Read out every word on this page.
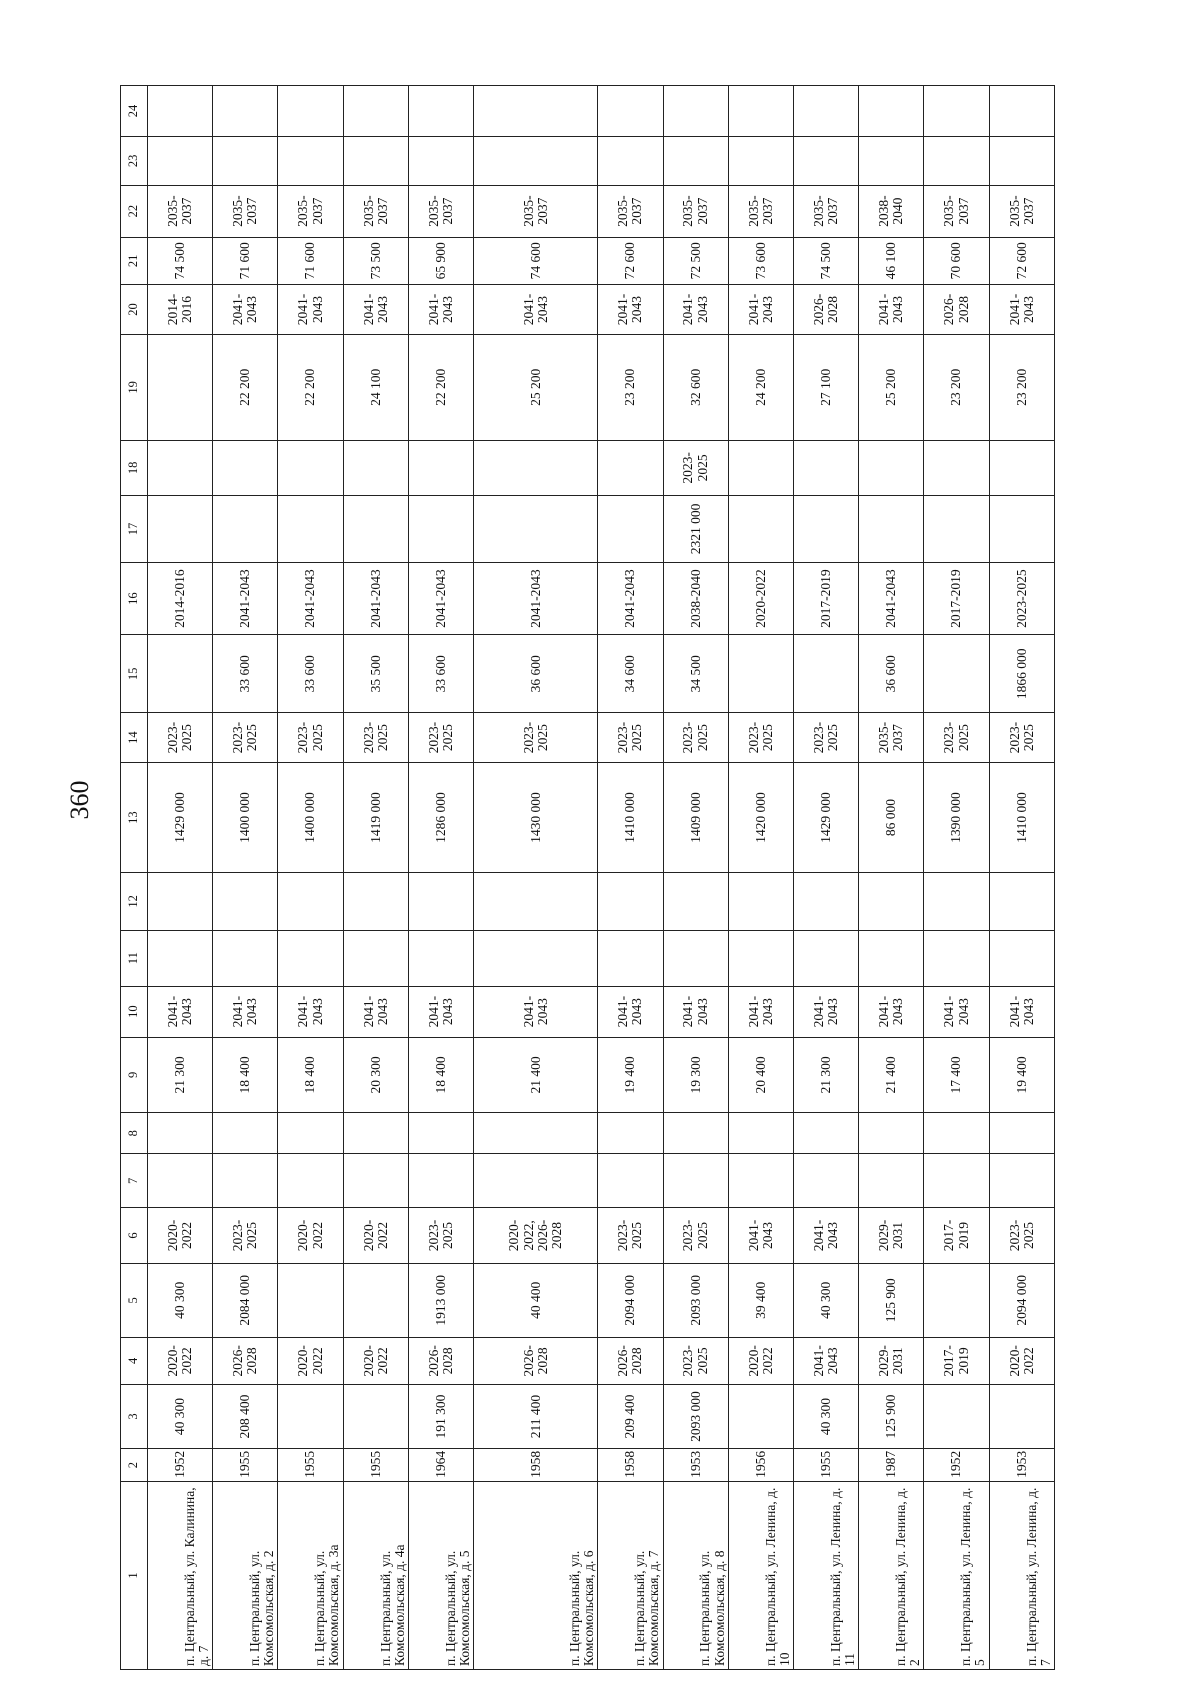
360
1	2	3	4	5	6	7	8	9	10	11	12	13	14	15	16	17	18	19	20	21	22	23	24
п. Центральный, ул. Калинина, д. 7	1952	40 300	2020-2022	40 300	2020-2022			21 300	2041-2043			1429 000	2023-2025		2014-2016				2014-2016	74 500	2035-2037		
п. Центральный, ул. Комсомольская, д. 2	1955	208 400	2026-2028	2084 000	2023-2025			18 400	2041-2043			1400 000	2023-2025	33 600	2041-2043			22 200	2041-2043	71 600	2035-2037		
п. Центральный, ул. Комсомольская, д. 3а	1955		2020-2022		2020-2022			18 400	2041-2043			1400 000	2023-2025	33 600	2041-2043			22 200	2041-2043	71 600	2035-2037		
п. Центральный, ул. Комсомольская, д. 4а	1955		2020-2022		2020-2022			20 300	2041-2043			1419 000	2023-2025	35 500	2041-2043			24 100	2041-2043	73 500	2035-2037		
п. Центральный, ул. Комсомольская, д. 5	1964	191 300	2026-2028	1913 000	2023-2025			18 400	2041-2043			1286 000	2023-2025	33 600	2041-2043			22 200	2041-2043	65 900	2035-2037		
п. Центральный, ул. Комсомольская, д. 6	1958	211 400	2026-2028	40 400	2020-2022, 2026-2028			21 400	2041-2043			1430 000	2023-2025	36 600	2041-2043			25 200	2041-2043	74 600	2035-2037		
п. Центральный, ул. Комсомольская, д. 7	1958	209 400	2026-2028	2094 000	2023-2025			19 400	2041-2043			1410 000	2023-2025	34 600	2041-2043			23 200	2041-2043	72 600	2035-2037		
п. Центральный, ул. Комсомольская, д. 8	1953	2093 000	2023-2025	2093 000	2023-2025			19 300	2041-2043			1409 000	2023-2025	34 500	2038-2040	2321 000	2023-2025	32 600	2041-2043	72 500	2035-2037		
п. Центральный, ул. Ленина, д. 10	1956		2020-2022	39 400	2041-2043			20 400	2041-2043			1420 000	2023-2025		2020-2022			24 200	2041-2043	73 600	2035-2037		
п. Центральный, ул. Ленина, д. 11	1955	40 300	2041-2043	40 300	2041-2043			21 300	2041-2043			1429 000	2023-2025		2017-2019			27 100	2026-2028	74 500	2035-2037		
п. Центральный, ул. Ленина, д. 2	1987	125 900	2029-2031	125 900	2029-2031			21 400	2041-2043			86 000	2035-2037	36 600	2041-2043			25 200	2041-2043	46 100	2038-2040		
п. Центральный, ул. Ленина, д. 5	1952		2017-2019		2017-2019			17 400	2041-2043			1390 000	2023-2025		2017-2019			23 200	2026-2028	70 600	2035-2037		
п. Центральный, ул. Ленина, д. 7	1953		2020-2022	2094 000	2023-2025			19 400	2041-2043			1410 000	2023-2025	1866 000	2023-2025			23 200	2041-2043	72 600	2035-2037		
